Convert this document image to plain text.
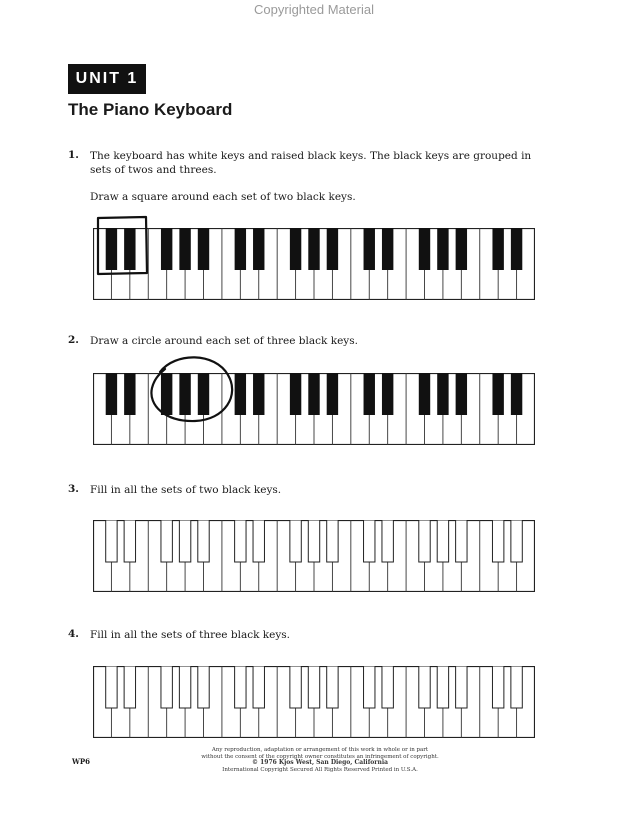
Copyrighted Material
UNIT 1
The Piano Keyboard
1. The keyboard has white keys and raised black keys. The black keys are grouped in
sets of twos and threes.
Draw a square around each set of two black keys.
2. Draw a circle around each set of three black keys.
3. Fill in all the sets of two black keys.
4. Fill in all the sets of three black keys.
WP6
Any reproduction, adaptation or arrangement of this work in whole or in part
without the consent of the copyright owner constitutes an infringement of copyright.
© 1976 Kjos West, San Diego, California
International Copyright Secured All Rights Reserved Printed in U.S.A.
